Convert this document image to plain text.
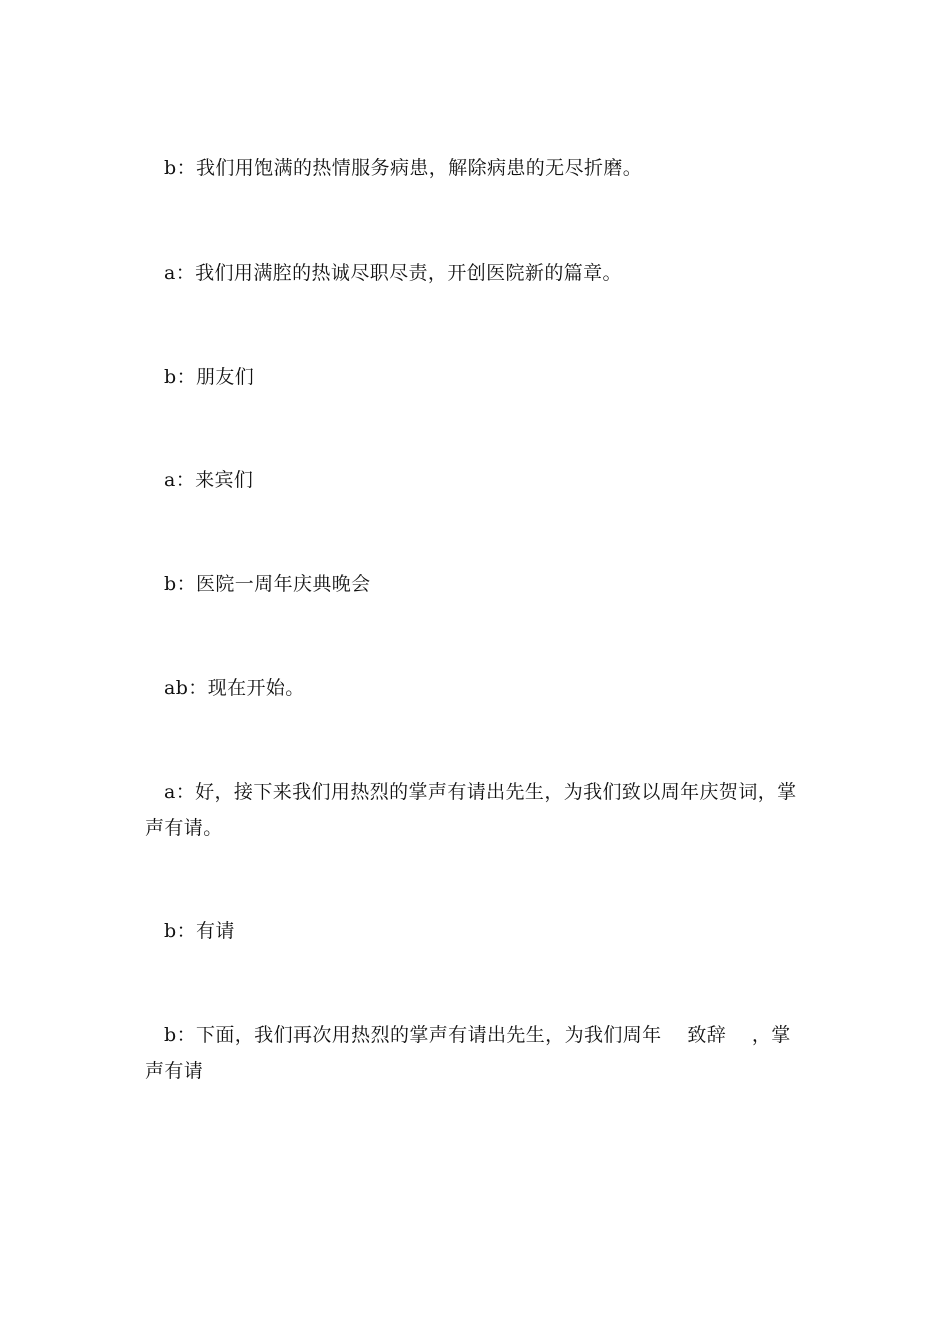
b：我们用饱满的热情服务病患，解除病患的无尽折磨。

a：我们用满腔的热诚尽职尽责，开创医院新的篇章。

b：朋友们

a：来宾们

b：医院一周年庆典晚会

ab：现在开始。

a：好，接下来我们用热烈的掌声有请出先生，为我们致以周年庆贺词，掌声有请。

b：有请

b：下面，我们再次用热烈的掌声有请出先生，为我们周年    致辞    ，掌声有请
